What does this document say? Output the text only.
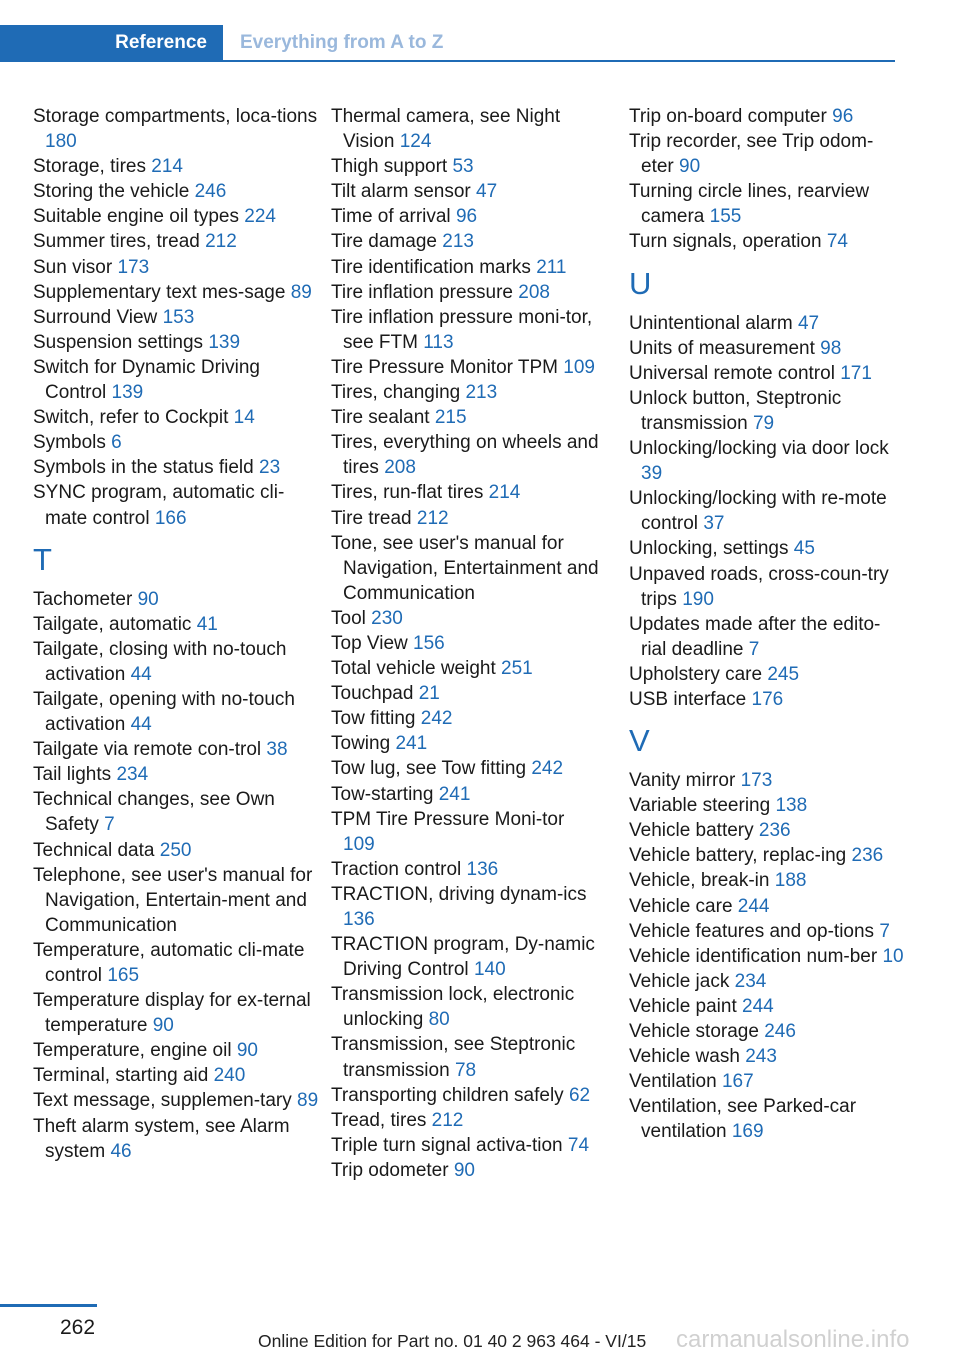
Reference	Everything from A to Z
Storage compartments, loca-tions 180
Storage, tires 214
Storing the vehicle 246
Suitable engine oil types 224
Summer tires, tread 212
Sun visor 173
Supplementary text mes-sage 89
Surround View 153
Suspension settings 139
Switch for Dynamic Driving Control 139
Switch, refer to Cockpit 14
Symbols 6
Symbols in the status field 23
SYNC program, automatic cli-mate control 166
T
Tachometer 90
Tailgate, automatic 41
Tailgate, closing with no-touch activation 44
Tailgate, opening with no-touch activation 44
Tailgate via remote con-trol 38
Tail lights 234
Technical changes, see Own Safety 7
Technical data 250
Telephone, see user's manual for Navigation, Entertain-ment and Communication
Temperature, automatic cli-mate control 165
Temperature display for ex-ternal temperature 90
Temperature, engine oil 90
Terminal, starting aid 240
Text message, supplemen-tary 89
Theft alarm system, see Alarm system 46
Thermal camera, see Night Vision 124
Thigh support 53
Tilt alarm sensor 47
Time of arrival 96
Tire damage 213
Tire identification marks 211
Tire inflation pressure 208
Tire inflation pressure moni-tor, see FTM 113
Tire Pressure Monitor TPM 109
Tires, changing 213
Tire sealant 215
Tires, everything on wheels and tires 208
Tires, run-flat tires 214
Tire tread 212
Tone, see user's manual for Navigation, Entertainment and Communication
Tool 230
Top View 156
Total vehicle weight 251
Touchpad 21
Tow fitting 242
Towing 241
Tow lug, see Tow fitting 242
Tow-starting 241
TPM Tire Pressure Moni-tor 109
Traction control 136
TRACTION, driving dynam-ics 136
TRACTION program, Dy-namic Driving Control 140
Transmission lock, electronic unlocking 80
Transmission, see Steptronic transmission 78
Transporting children safely 62
Tread, tires 212
Triple turn signal activa-tion 74
Trip odometer 90
Trip on-board computer 96
Trip recorder, see Trip odom-eter 90
Turning circle lines, rearview camera 155
Turn signals, operation 74
U
Unintentional alarm 47
Units of measurement 98
Universal remote control 171
Unlock button, Steptronic transmission 79
Unlocking/locking via door lock 39
Unlocking/locking with re-mote control 37
Unlocking, settings 45
Unpaved roads, cross-coun-try trips 190
Updates made after the edito-rial deadline 7
Upholstery care 245
USB interface 176
V
Vanity mirror 173
Variable steering 138
Vehicle battery 236
Vehicle battery, replac-ing 236
Vehicle, break-in 188
Vehicle care 244
Vehicle features and op-tions 7
Vehicle identification num-ber 10
Vehicle jack 234
Vehicle paint 244
Vehicle storage 246
Vehicle wash 243
Ventilation 167
Ventilation, see Parked-car ventilation 169
262
Online Edition for Part no. 01 40 2 963 464 - VI/15 carmanualsonline.info
